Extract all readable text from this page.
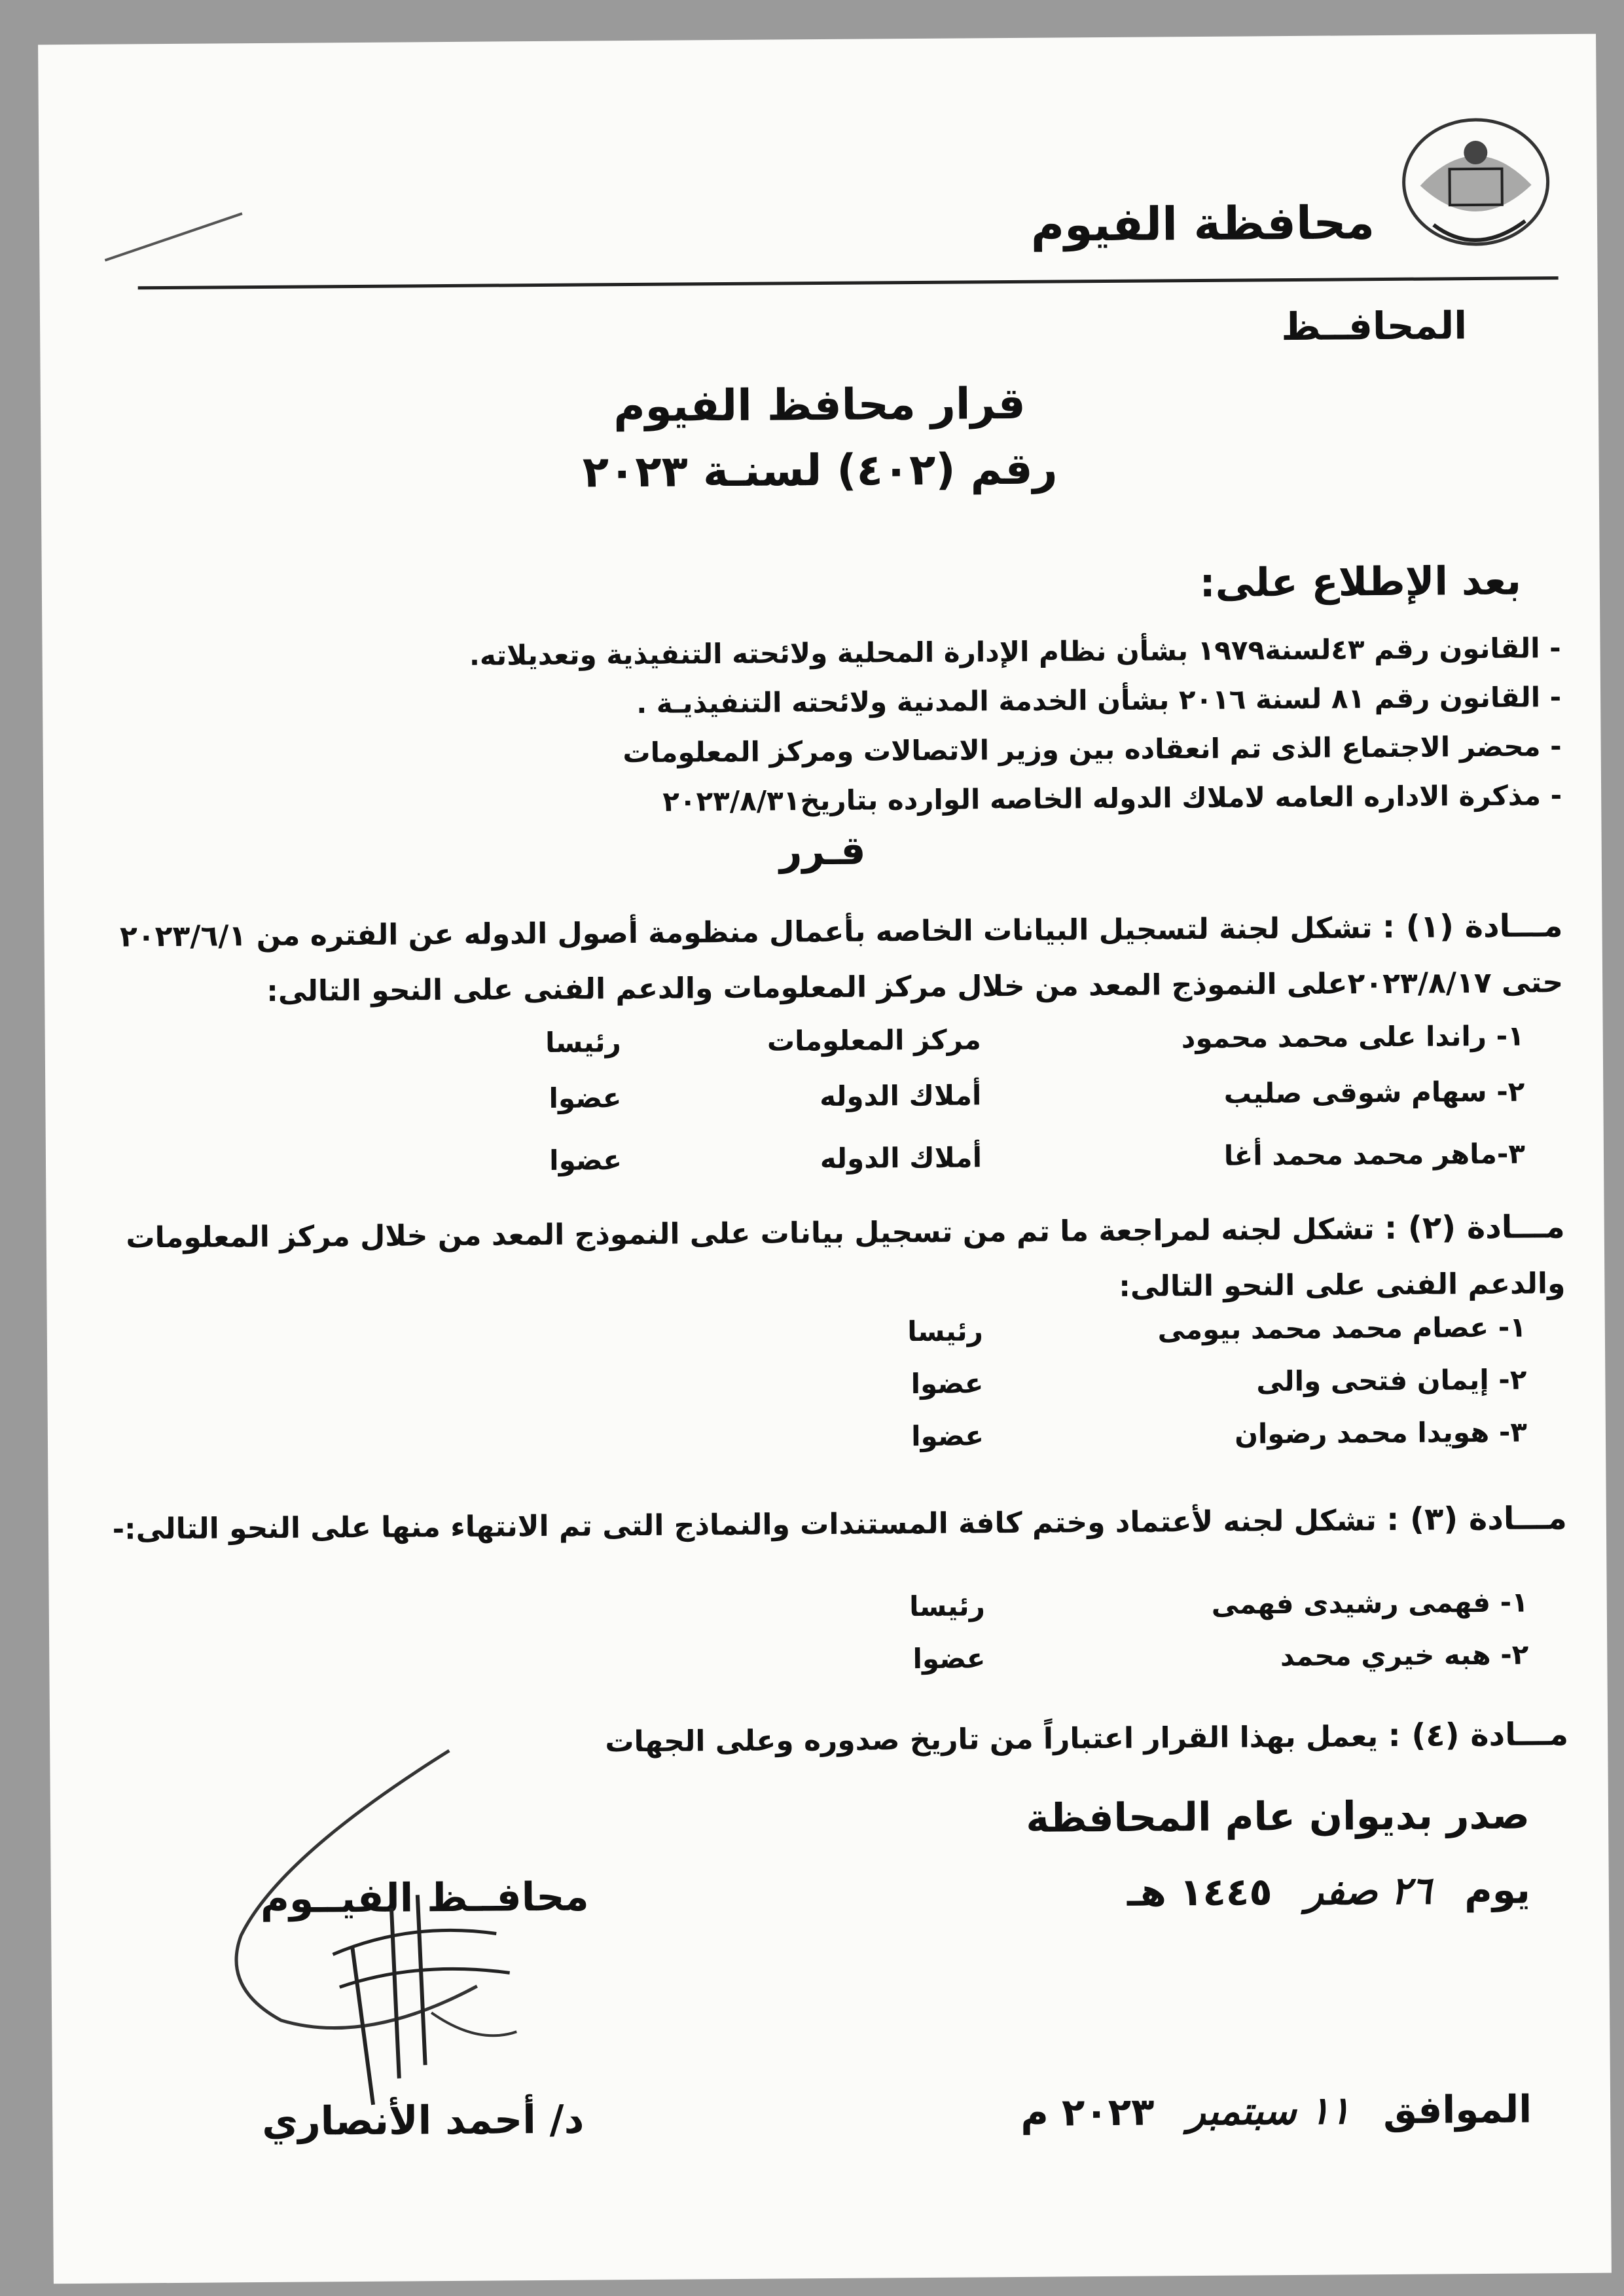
محافظة الفيوم
المحافــظ
قرار محافظ الفيوم
رقم (٤٠٢) لسنـة ٢٠٢٣
بعد الإطلاع على:
- القانون رقم ٤٣لسنة١٩٧٩ بشأن نظام الإدارة المحلية ولائحته التنفيذية وتعديلاته.
- القانون رقم ٨١ لسنة ٢٠١٦ بشأن الخدمة المدنية ولائحته التنفيذيـة .
- محضر الاجتماع الذى تم انعقاده بين وزير الاتصالات ومركز المعلومات
- مذكرة الاداره العامه لاملاك الدوله الخاصه الوارده بتاريخ٢٠٢٣/٨/٣١
قـرر
مـــادة (١) : تشكل لجنة لتسجيل البيانات الخاصه بأعمال منظومة أصول الدوله عن الفتره من ٢٠٢٣/٦/١ حتى ٢٠٢٣/٨/١٧على النموذج المعد من خلال مركز المعلومات والدعم الفنى على النحو التالى:
١- راندا على محمد محمود
مركز المعلومات
رئيسا
٢- سهام شوقى صليب
أملاك الدوله
عضوا
٣-ماهر محمد محمد أغا
أملاك الدوله
عضوا
مـــادة (٢) : تشكل لجنه لمراجعة ما تم من تسجيل بيانات على النموذج المعد من خلال مركز المعلومات والدعم الفنى على النحو التالى:
١- عصام محمد محمد بيومى
رئيسا
٢- إيمان فتحى والى
عضوا
٣- هويدا محمد رضوان
عضوا
مـــادة (٣) : تشكل لجنه لأعتماد وختم كافة المستندات والنماذج التى تم الانتهاء منها على النحو التالى:-
١- فهمى رشيدى فهمى
رئيسا
٢- هبه خيري محمد
عضوا
مـــادة (٤) : يعمل بهذا القرار اعتباراً من تاريخ صدوره وعلى الجهات
صدر بديوان عام المحافظة
يوم ٢٦ صفر ١٤٤٥ هـ
الموافق ١١ سبتمبر ٢٠٢٣ م
محافــظ الفيــوم
د/ أحمد الأنصاري
